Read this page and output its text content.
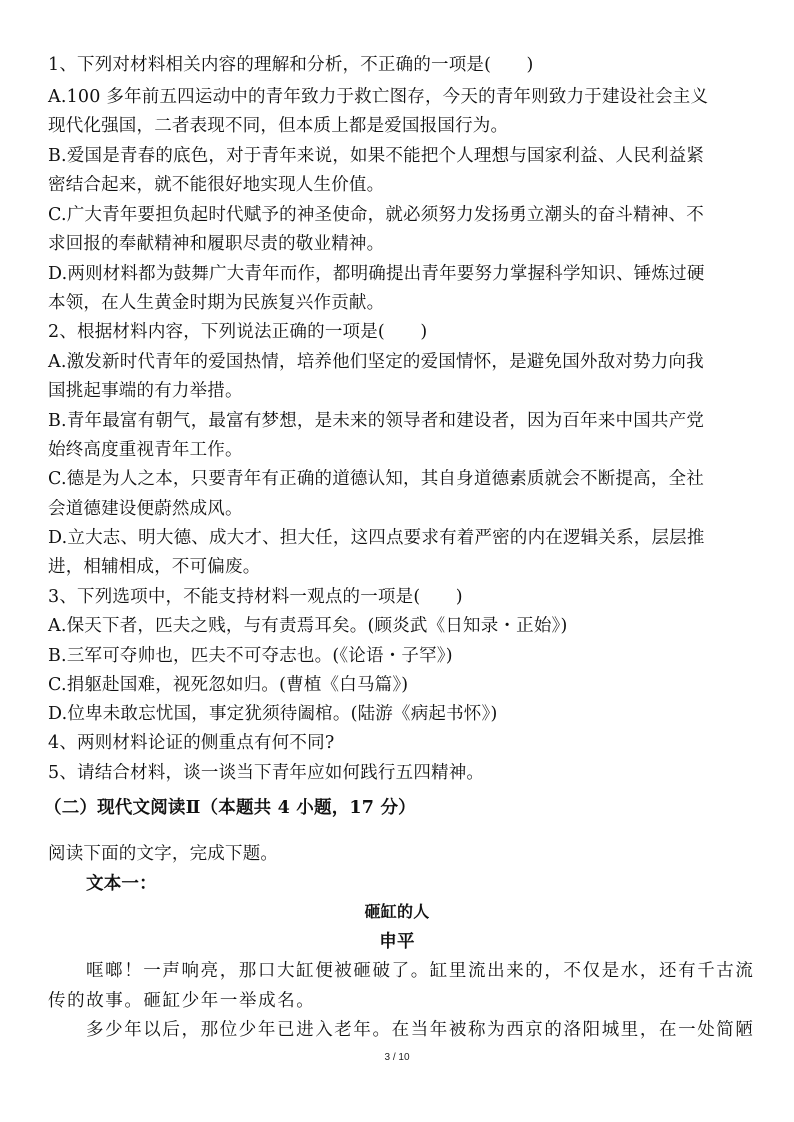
1、下列对材料相关内容的理解和分析，不正确的一项是(　　)
A.100 多年前五四运动中的青年致力于救亡图存，今天的青年则致力于建设社会主义
现代化强国，二者表现不同，但本质上都是爱国报国行为。
B.爱国是青春的底色，对于青年来说，如果不能把个人理想与国家利益、人民利益紧
密结合起来，就不能很好地实现人生价值。
C.广大青年要担负起时代赋予的神圣使命，就必须努力发扬勇立潮头的奋斗精神、不
求回报的奉献精神和履职尽责的敬业精神。
D.两则材料都为鼓舞广大青年而作，都明确提出青年要努力掌握科学知识、锤炼过硬
本领，在人生黄金时期为民族复兴作贡献。
2、根据材料内容，下列说法正确的一项是(　　)
A.激发新时代青年的爱国热情，培养他们坚定的爱国情怀，是避免国外敌对势力向我
国挑起事端的有力举措。
B.青年最富有朝气，最富有梦想，是未来的领导者和建设者，因为百年来中国共产党
始终高度重视青年工作。
C.德是为人之本，只要青年有正确的道德认知，其自身道德素质就会不断提高，全社
会道德建设便蔚然成风。
D.立大志、明大德、成大才、担大任，这四点要求有着严密的内在逻辑关系，层层推
进，相辅相成，不可偏废。
3、下列选项中，不能支持材料一观点的一项是(　　)
A.保天下者，匹夫之贱，与有责焉耳矣。(顾炎武《日知录・正始》)
B.三军可夺帅也，匹夫不可夺志也。(《论语・子罕》)
C.捐躯赴国难，视死忽如归。(曹植《白马篇》)
D.位卑未敢忘忧国，事定犹须待阖棺。(陆游《病起书怀》)
4、两则材料论证的侧重点有何不同?
5、请结合材料，谈一谈当下青年应如何践行五四精神。
（二）现代文阅读Ⅱ（本题共 4 小题，17 分）
阅读下面的文字，完成下题。
文本一：
砸缸的人
申平
哐啷！一声响亮，那口大缸便被砸破了。缸里流出来的，不仅是水，还有千古流
传的故事。砸缸少年一举成名。
多少年以后，那位少年已进入老年。在当年被称为西京的洛阳城里，在一处简陋
3 / 10
